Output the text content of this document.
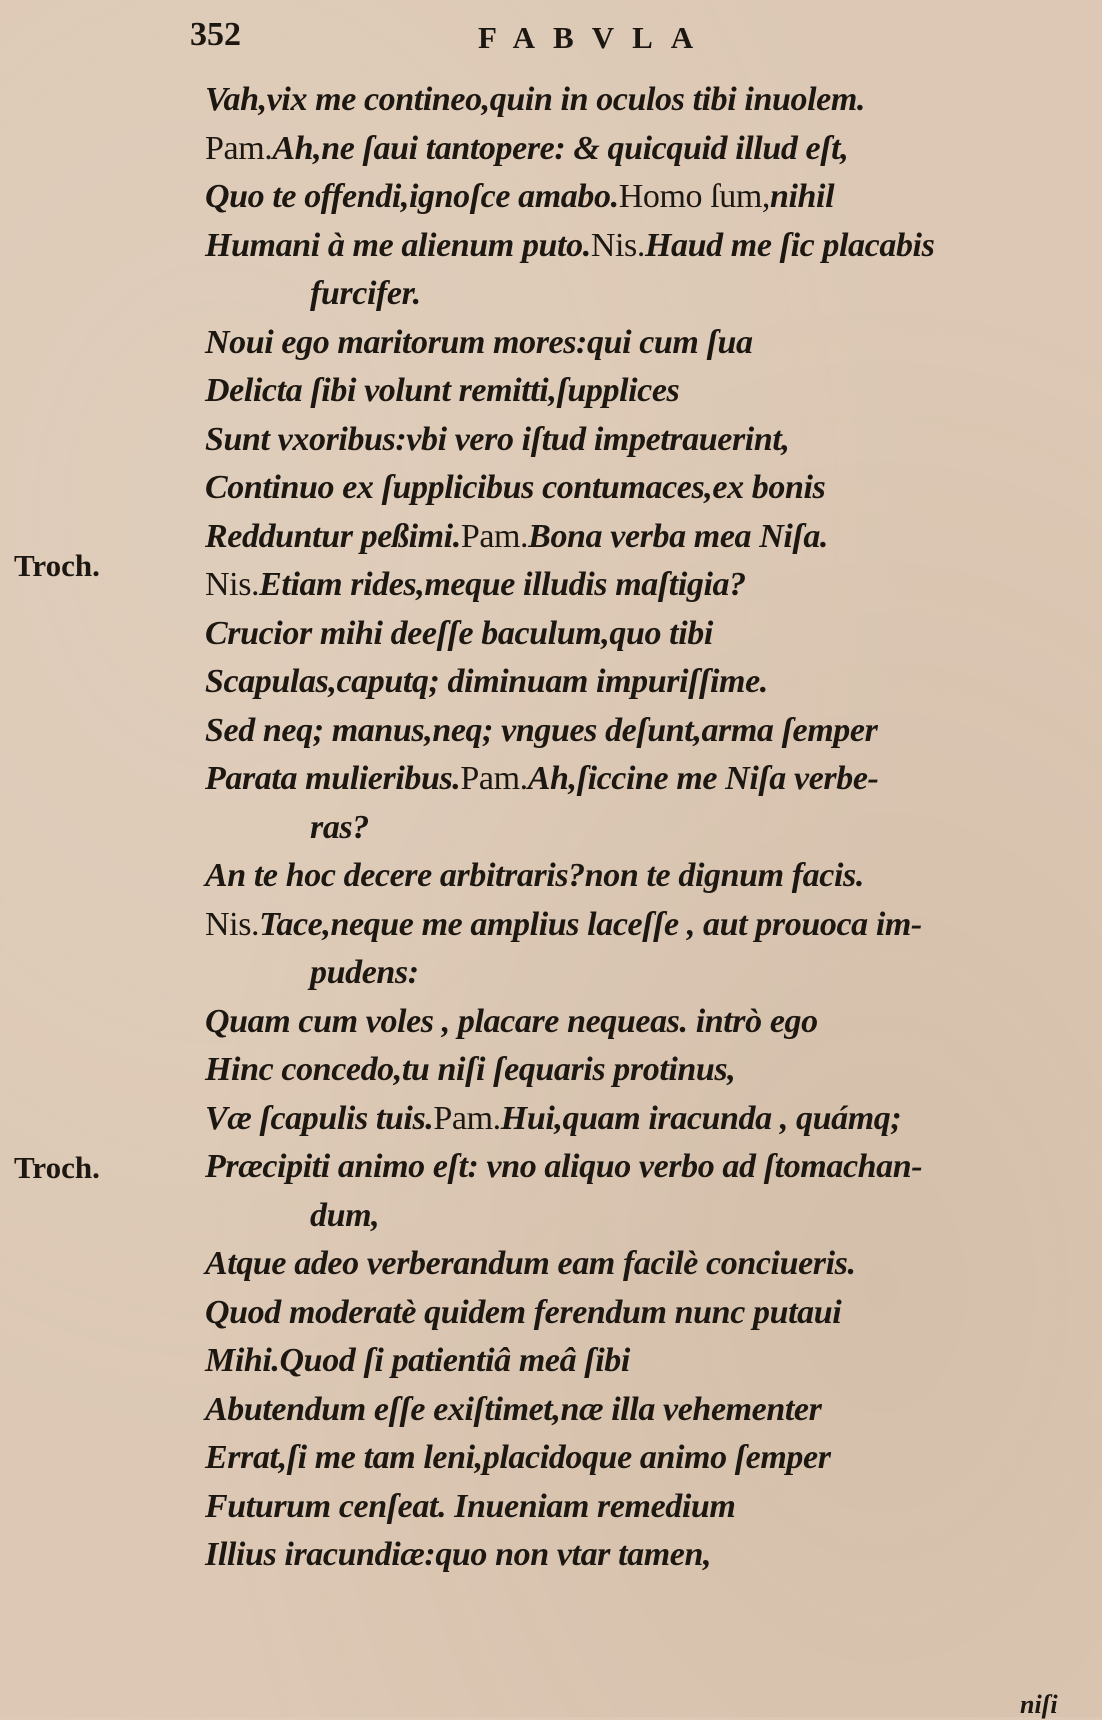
352	FABVLA
Troch.
Troch.
Vah,vix me contineo,quin in oculos tibi inuolem.
Pam.Ah,ne ſaui tantopere: & quicquid illud eſt,
Quo te offendi,ignoſce amabo.Homo ſum,nihil
Humani à me alienum puto.Nis.Haud me ſic placabis
furcifer.
Noui ego maritorum mores:qui cum ſua
Delicta ſibi volunt remitti,ſupplices
Sunt vxoribus:vbi vero iſtud impetrauerint,
Continuo ex ſupplicibus contumaces,ex bonis
Redduntur peßimi.Pam.Bona verba mea Niſa.
Nis.Etiam rides,meque illudis maſtigia?
Crucior mihi deeſſe baculum,quo tibi
Scapulas,caputq; diminuam impuriſſime.
Sed neq; manus,neq; vngues deſunt,arma ſemper
Parata mulieribus.Pam.Ah,ſiccine me Niſa verbe-
ras?
An te hoc decere arbitraris?non te dignum facis.
Nis.Tace,neque me amplius laceſſe , aut prouoca im-
pudens:
Quam cum voles , placare nequeas. intrò ego
Hinc concedo,tu niſi ſequaris protinus,
Væ ſcapulis tuis.Pam.Hui,quam iracunda , quámq;
Præcipiti animo eſt: vno aliquo verbo ad ſtomachan-
dum,
Atque adeo verberandum eam facilè conciueris.
Quod moderatè quidem ferendum nunc putaui
Mihi.Quod ſi patientiâ meâ ſibi
Abutendum eſſe exiſtimet,næ illa vehementer
Errat,ſi me tam leni,placidoque animo ſemper
Futurum cenſeat. Inueniam remedium
Illius iracundiæ:quo non vtar tamen,
niſi
